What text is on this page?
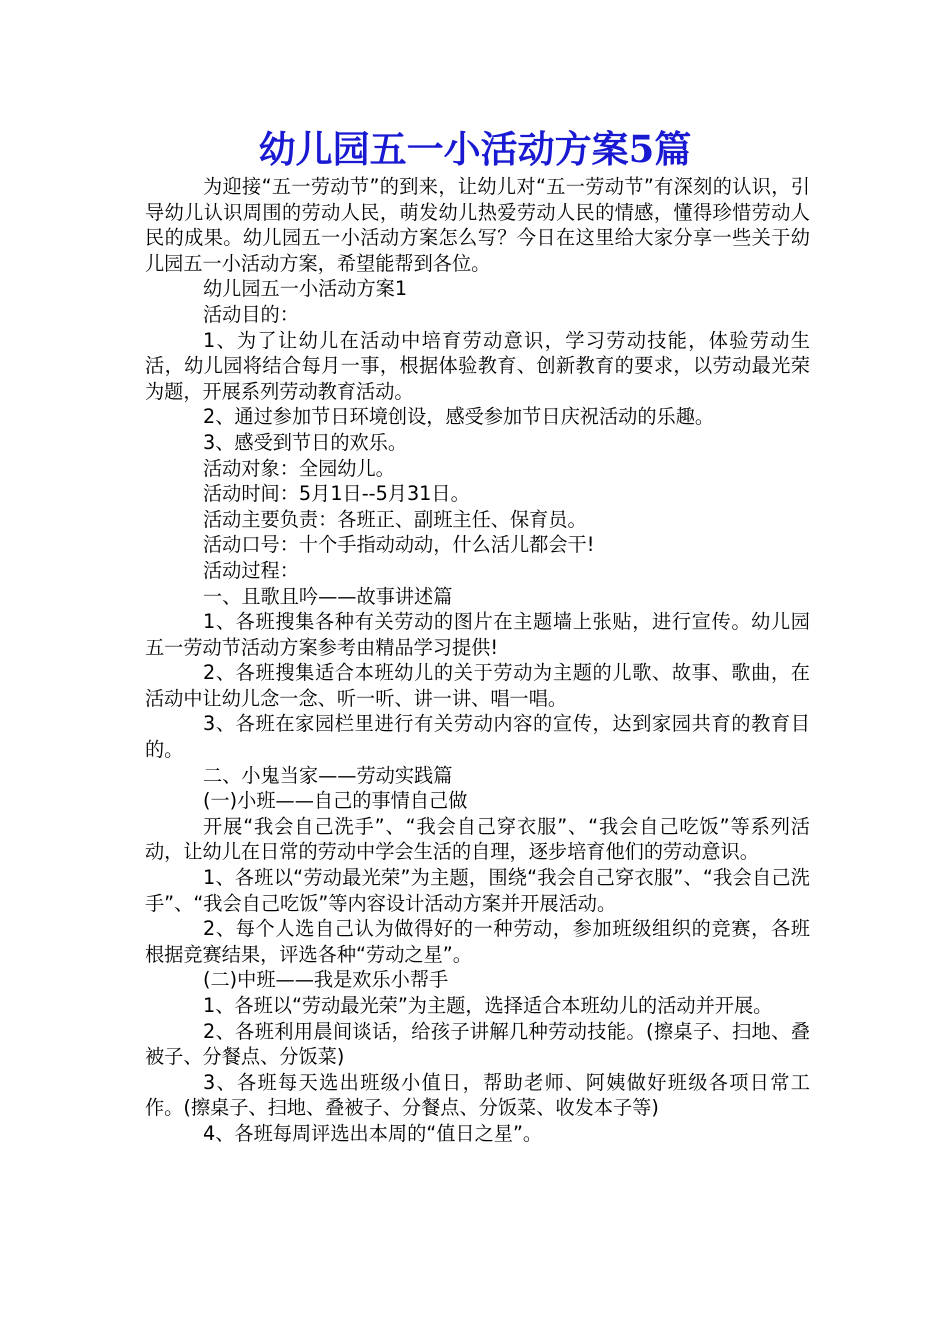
幼儿园五一小活动方案5篇

为迎接“五一劳动节”的到来，让幼儿对“五一劳动节”有深刻的认识，引导幼儿认识周围的劳动人民，萌发幼儿热爱劳动人民的情感，懂得珍惜劳动人民的成果。幼儿园五一小活动方案怎么写？今日在这里给大家分享一些关于幼儿园五一小活动方案，希望能帮到各位。

幼儿园五一小活动方案1

活动目的：

1、为了让幼儿在活动中培育劳动意识，学习劳动技能，体验劳动生活，幼儿园将结合每月一事，根据体验教育、创新教育的要求，以劳动最光荣为题，开展系列劳动教育活动。

2、通过参加节日环境创设，感受参加节日庆祝活动的乐趣。

3、感受到节日的欢乐。

活动对象：全园幼儿。

活动时间：5月1日--5月31日。

活动主要负责：各班正、副班主任、保育员。

活动口号：十个手指动动动，什么活儿都会干!

活动过程：

一、且歌且吟——故事讲述篇

1、各班搜集各种有关劳动的图片在主题墙上张贴，进行宣传。幼儿园五一劳动节活动方案参考由精品学习提供!

2、各班搜集适合本班幼儿的关于劳动为主题的儿歌、故事、歌曲，在活动中让幼儿念一念、听一听、讲一讲、唱一唱。

3、各班在家园栏里进行有关劳动内容的宣传，达到家园共育的教育目的。

二、小鬼当家——劳动实践篇

(一)小班——自己的事情自己做

开展“我会自己洗手”、“我会自己穿衣服”、“我会自己吃饭”等系列活动，让幼儿在日常的劳动中学会生活的自理，逐步培育他们的劳动意识。

1、各班以“劳动最光荣”为主题，围绕“我会自己穿衣服”、“我会自己洗手”、“我会自己吃饭”等内容设计活动方案并开展活动。

2、每个人选自己认为做得好的一种劳动，参加班级组织的竞赛，各班根据竞赛结果，评选各种“劳动之星”。

(二)中班——我是欢乐小帮手

1、各班以“劳动最光荣”为主题，选择适合本班幼儿的活动并开展。

2、各班利用晨间谈话，给孩子讲解几种劳动技能。(擦桌子、扫地、叠被子、分餐点、分饭菜)

3、各班每天选出班级小值日，帮助老师、阿姨做好班级各项日常工作。(擦桌子、扫地、叠被子、分餐点、分饭菜、收发本子等)

4、各班每周评选出本周的“值日之星”。
